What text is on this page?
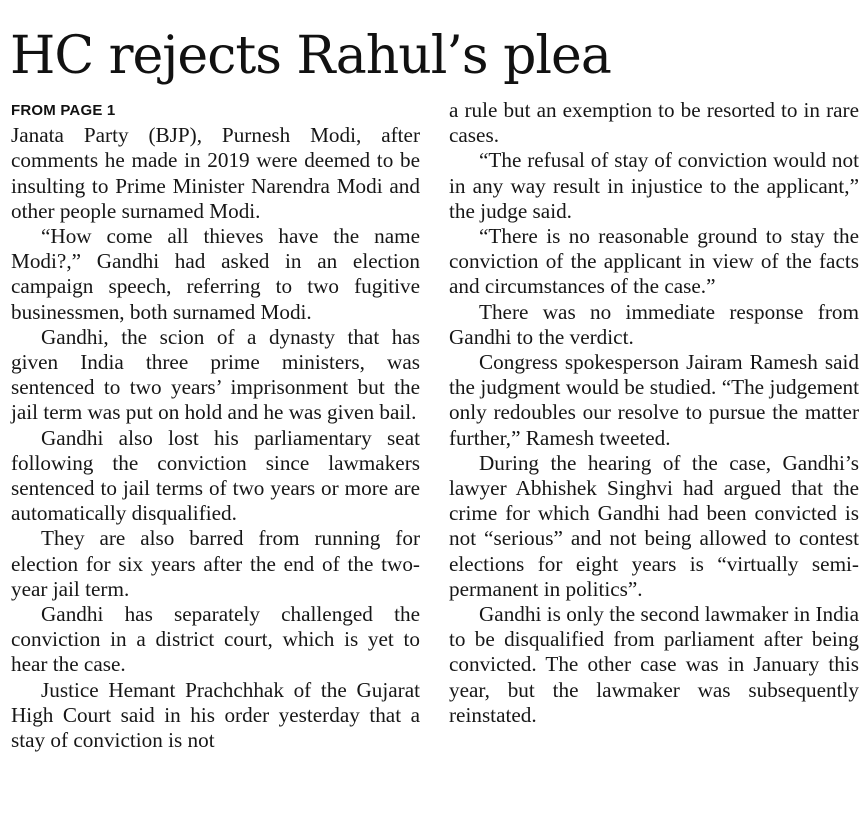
HC rejects Rahul’s plea
FROM PAGE 1

Janata Party (BJP), Purnesh Modi, after comments he made in 2019 were deemed to be insulting to Prime Minister Narendra Modi and other people surnamed Modi.

“How come all thieves have the name Modi?,” Gandhi had asked in an election campaign speech, referring to two fugitive businessmen, both surnamed Modi.

Gandhi, the scion of a dynasty that has given India three prime ministers, was sentenced to two years’ imprisonment but the jail term was put on hold and he was given bail.

Gandhi also lost his parliamentary seat following the conviction since lawmakers sentenced to jail terms of two years or more are automatically disqualified.

They are also barred from running for election for six years after the end of the two-year jail term.

Gandhi has separately challenged the conviction in a district court, which is yet to hear the case.

Justice Hemant Prachchhak of the Gujarat High Court said in his order yesterday that a stay of conviction is not

a rule but an exemption to be resorted to in rare cases.

“The refusal of stay of conviction would not in any way result in injustice to the applicant,” the judge said.

“There is no reasonable ground to stay the conviction of the applicant in view of the facts and circumstances of the case.”

There was no immediate response from Gandhi to the verdict.

Congress spokesperson Jairam Ramesh said the judgment would be studied. “The judgement only redoubles our resolve to pursue the matter further,” Ramesh tweeted.

During the hearing of the case, Gandhi’s lawyer Abhishek Singhvi had argued that the crime for which Gandhi had been convicted is not “serious” and not being allowed to contest elections for eight years is “virtually semi-permanent in politics”.

Gandhi is only the second lawmaker in India to be disqualified from parliament after being convicted. The other case was in January this year, but the lawmaker was subsequently reinstated.
